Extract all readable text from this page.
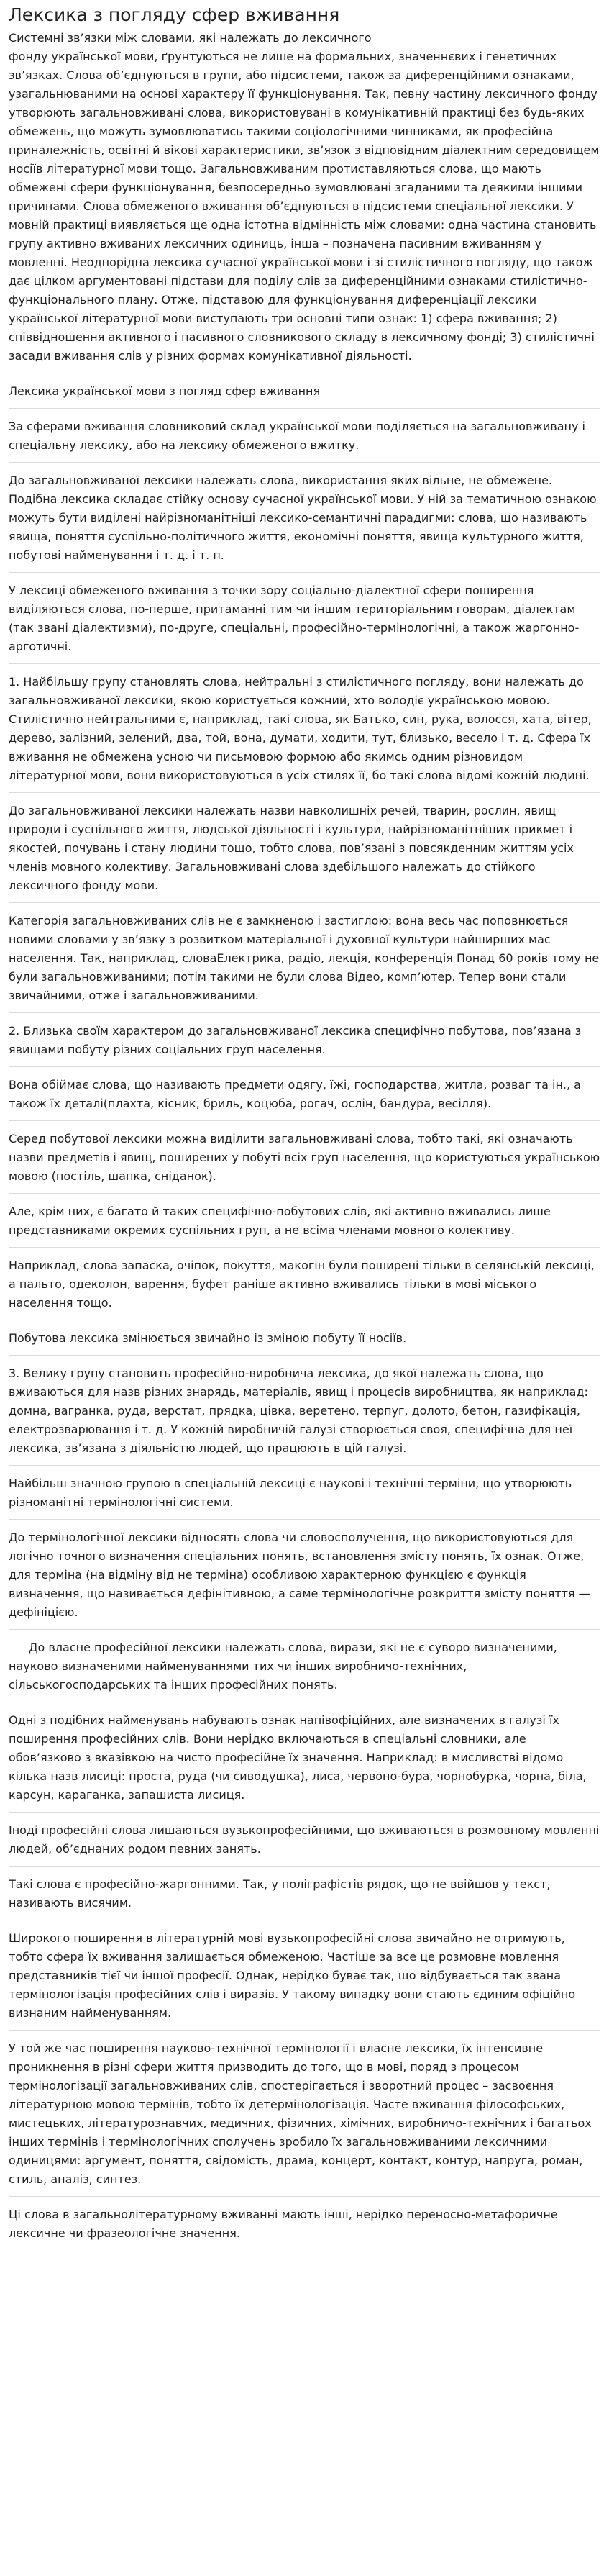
Лексика з погляду сфер вживання

Системні зв’язки між словами, які належать до лексичного
фонду української мови, ґрунтуються не лише на формальних, значеннєвих і генетичних зв’язках. Слова об’єднуються в групи, або підсистеми, також за диференційними ознаками, узагальнюваними на основі характеру її функціонування. Так, певну частину лексичного фонду утворюють загальновживані слова, використовувані в комунікативній практиці без будь-яких обмежень, що можуть зумовлюватись такими соціологічними чинниками, як професійна приналежність, освітні й вікові характеристики, зв’язок з відповідним діалектним середовищем носіїв літературної мови тощо. Загальновживаним протиставляються слова, що мають обмежені сфери функціонування, безпосередньо зумовлювані згаданими та деякими іншими причинами. Слова обмеженого вживання об’єднуються в підсистеми спеціальної лексики. У мовній практиці виявляється ще одна істотна відмінність між словами: одна частина становить групу активно вживаних лексичних одиниць, інша – позначена пасивним вживанням у мовленні. Неоднорідна лексика сучасної української мови і зі стилістичного погляду, що також дає цілком аргументовані підстави для поділу слів за диференційними ознаками стилістично-функціонального плану. Отже, підставою для функціонування диференціації лексики української літературної мови виступають три основні типи ознак: 1) сфера вживання; 2) співвідношення активного і пасивного словникового складу в лексичному фонді; 3) стилістичні засади вживання слів у різних формах комунікативної діяльності.

Лексика української мови з погляд сфер вживання

За сферами вживання словниковий склад української мови поділяється на загальновживану і спеціальну лексику, або на лексику обмеженого вжитку.

До загальновживаної лексики належать слова, використання яких вільне, не обмежене. Подібна лексика складає стійку основу сучасної української мови. У ній за тематичною ознакою можуть бути виділені найрізноманітніші лексико-семантичні парадигми: слова, що називають явища, поняття суспільно-політичного життя, економічні поняття, явища культурного життя, побутові найменування і т. д. і т. п.

У лексиці обмеженого вживання з точки зору соціально-діалектної сфери поширення виділяються слова, по-перше, притаманні тим чи іншим територіальним говорам, діалектам (так звані діалектизми), по-друге, спеціальні, професійно-термінологічні, а також жаргонно-арготичні.

1. Найбільшу групу становлять слова, нейтральні з стилістичного погляду, вони належать до загальновживаної лексики, якою користується кожний, хто володіє українською мовою. Стилістично нейтральними є, наприклад, такі слова, як Батько, син, рука, волосся, хата, вітер, дерево, залізний, зелений, два, той, вона, думати, ходити, тут, близько, весело і т. д. Сфера їх вживання не обмежена усною чи письмовою формою або якимсь одним різновидом літературної мови, вони використовуються в усіх стилях її, бо такі слова відомі кожній людині.

До загальновживаної лексики належать назви навколишніх речей, тварин, рослин, явищ природи і суспільного життя, людської діяльності і культури, найрізноманітніших прикмет і якостей, почувань і стану людини тощо, тобто слова, пов’язані з повсякденним життям усіх членів мовного колективу. Загальновживані слова здебільшого належать до стійкого лексичного фонду мови.

Категорія загальновживаних слів не є замкненою і застиглою: вона весь час поповнюється новими словами у зв’язку з розвитком матеріальної і духовної культури найширших мас населення. Так, наприклад, словаЕлектрика, радіо, лекція, конференція Понад 60 років тому не були загальновживаними; потім такими не були слова Відео, комп’ютер. Тепер вони стали звичайними, отже і загальновживаними.

2. Близька своїм характером до загальновживаної лексика специфічно побутова, пов’язана з явищами побуту різних соціальних груп населення.

Вона обіймає слова, що називають предмети одягу, їжі, господарства, житла, розваг та ін., а також їх деталі(плахта, кісник, бриль, коцюба, рогач, ослін, бандура, весілля).

Серед побутової лексики можна виділити загальновживані слова, тобто такі, які означають назви предметів і явищ, поширених у побуті всіх груп населення, що користуються українською мовою (постіль, шапка, сніданок).

Але, крім них, є багато й таких специфічно-побутових слів, які активно вживались лише представниками окремих суспільних груп, а не всіма членами мовного колективу.

Наприклад, слова запаска, очіпок, покуття, макогін були поширені тільки в селянській лексиці, а пальто, одеколон, варення, буфет раніше активно вживались тільки в мові міського населення тощо.

Побутова лексика змінюється звичайно із зміною побуту її носіїв.

3. Велику групу становить професійно-виробнича лексика, до якої належать слова, що вживаються для назв різних знарядь, матеріалів, явищ і процесів виробництва, як наприклад: домна, вагранка, руда, верстат, прядка, цівка, веретено, терпуг, долото, бетон, газифікація, електрозварювання і т. д. У кожній виробничій галузі створюється своя, специфічна для неї лексика, зв’язана з діяльністю людей, що працюють в цій галузі.

Найбільш значною групою в спеціальній лексиці є наукові і технічні терміни, що утворюють різноманітні термінологічні системи.

До термінологічної лексики відносять слова чи словосполучення, що використовуються для логічно точного визначення спеціальних понять, встановлення змісту понять, їх ознак. Отже, для терміна (на відміну від не терміна) особливою характерною функцією є функція визначення, що називається дефінітивною, а саме термінологічне розкриття змісту поняття — дефініцією.

До власне професійної лексики належать слова, вирази, які не є суворо визначеними, науково визначеними найменуваннями тих чи інших виробничо-технічних, сільськогосподарських та інших професійних понять.

Одні з подібних найменувань набувають ознак напівофіційних, але визначених в галузі їх поширення професійних слів. Вони нерідко включаються в спеціальні словники, але обов’язково з вказівкою на чисто професійне їх значення. Наприклад: в мисливстві відомо кілька назв лисиці: проста, руда (чи сиводушка), лиса, червоно-бура, чорнобурка, чорна, біла, карсун, караганка, запашиста лисиця.

Іноді професійні слова лишаються вузькопрофесійними, що вживаються в розмовному мовленні людей, об’єднаних родом певних занять.

Такі слова є професійно-жаргонними. Так, у поліграфістів рядок, що не ввійшов у текст, називають висячим.

Широкого поширення в літературній мові вузькопрофесійні слова звичайно не отримують, тобто сфера їх вживання залишається обмеженою. Частіше за все це розмовне мовлення представників тієї чи іншої професії. Однак, нерідко буває так, що відбувається так звана термінологізація професійних слів і виразів. У такому випадку вони стають єдиним офіційно визнаним найменуванням.

У той же час поширення науково-технічної термінології і власне лексики, їх інтенсивне проникнення в різні сфери життя призводить до того, що в мові, поряд з процесом термінологізації загальновживаних слів, спостерігається і зворотний процес – засвоєння літературною мовою термінів, тобто їх детермінологізація. Часте вживання філософських, мистецьких, літературознавчих, медичних, фізичних, хімічних, виробничо-технічних і багатьох інших термінів і термінологічних сполучень зробило їх загальновживаними лексичними одиницями: аргумент, поняття, свідомість, драма, концерт, контакт, контур, напруга, роман, стиль, аналіз, синтез.

Ці слова в загальнолітературному вживанні мають інші, нерідко переносно-метафоричне лексичне чи фразеологічне значення.
